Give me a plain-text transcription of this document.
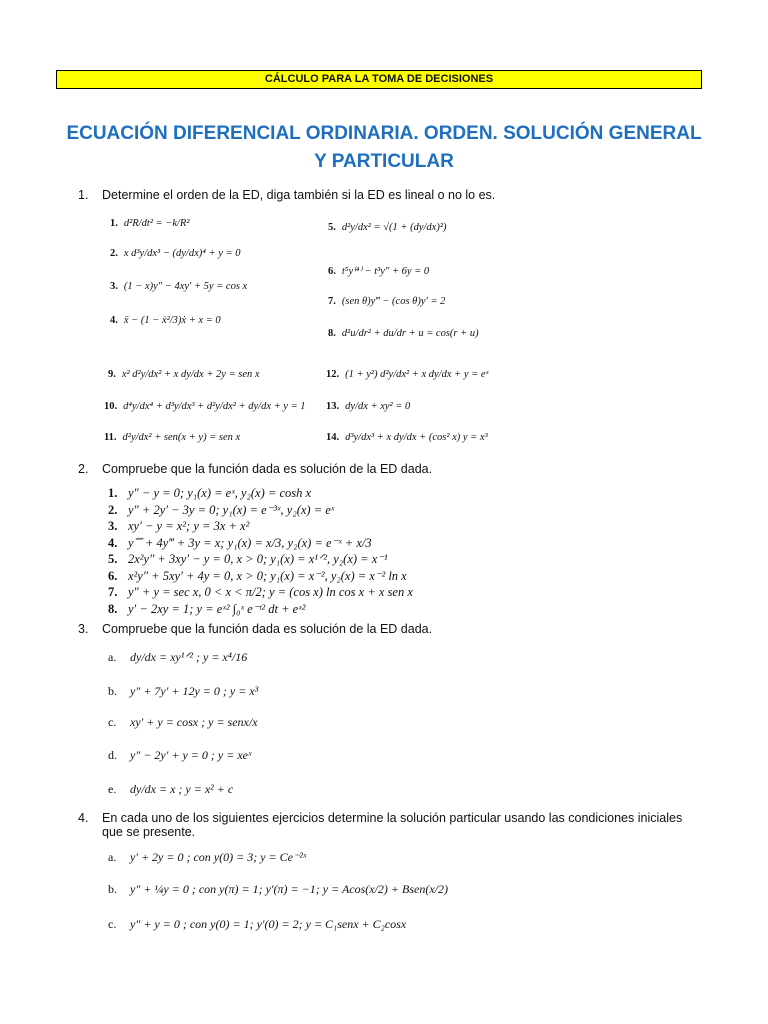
CÁLCULO PARA LA TOMA DE DECISIONES
ECUACIÓN DIFERENCIAL ORDINARIA. ORDEN. SOLUCIÓN GENERAL
Y PARTICULAR
1. Determine el orden de la ED, diga también si la ED es lineal o no lo es.
1. d²R/dt² = −k/R²
2. x d³y/dx³ − (dy/dx)⁴ + y = 0
3. (1 − x)y″ − 4xy′ + 5y = cos x
4. ẍ − (1 − ẋ²/3)ẋ + x = 0
5. d²y/dx² = √(1 + (dy/dx)²)
6. t⁵y⁽⁴⁾ − t³y″ + 6y = 0
7. (sen θ)y‴ − (cos θ)y′ = 2
8. d²u/dr² + du/dr + u = cos(r + u)
9. x² d²y/dx² + x dy/dx + 2y = sen x
10. d⁴y/dx⁴ + d³y/dx³ + d²y/dx² + dy/dx + y = 1
11. d²y/dx² + sen(x + y) = sen x
12. (1 + y²) d²y/dx² + x dy/dx + y = eˣ
13. dy/dx + xy² = 0
14. d³y/dx³ + x dy/dx + (cos² x) y = x³
2. Compruebe que la función dada es solución de la ED dada.
1. y″ − y = 0; y₁(x) = eˣ, y₂(x) = cosh x
2. y″ + 2y′ − 3y = 0; y₁(x) = e⁻³ˣ, y₂(x) = eˣ
3. xy′ − y = x²; y = 3x + x²
4. y⁗ + 4y‴ + 3y = x; y₁(x) = x/3, y₂(x) = e⁻ˣ + x/3
5. 2x²y″ + 3xy′ − y = 0, x > 0; y₁(x) = x¹ᐟ², y₂(x) = x⁻¹
6. x²y″ + 5xy′ + 4y = 0, x > 0; y₁(x) = x⁻², y₂(x) = x⁻² ln x
7. y″ + y = sec x, 0 < x < π/2; y = (cos x) ln cos x + x sen x
8. y′ − 2xy = 1; y = eˣ² ∫₀ˣ e⁻ᵗ² dt + eˣ²
3. Compruebe que la función dada es solución de la ED dada.
a. dy/dx = xy¹ᐟ² ; y = x⁴/16
b. y″ + 7y′ + 12y = 0 ; y = x³
c. xy′ + y = cosx ; y = senx/x
d. y″ − 2y′ + y = 0 ; y = xeˣ
e. dy/dx = x ; y = x² + c
4. En cada uno de los siguientes ejercicios determine la solución particular usando las condiciones iniciales
que se presente.
a. y′ + 2y = 0 ; con y(0) = 3; y = Ce⁻²ˣ
b. y″ + ¼y = 0 ; con y(π) = 1; y′(π) = −1; y = Acos(x/2) + Bsen(x/2)
c. y″ + y = 0 ; con y(0) = 1; y′(0) = 2; y = C₁senx + C₂cosx
